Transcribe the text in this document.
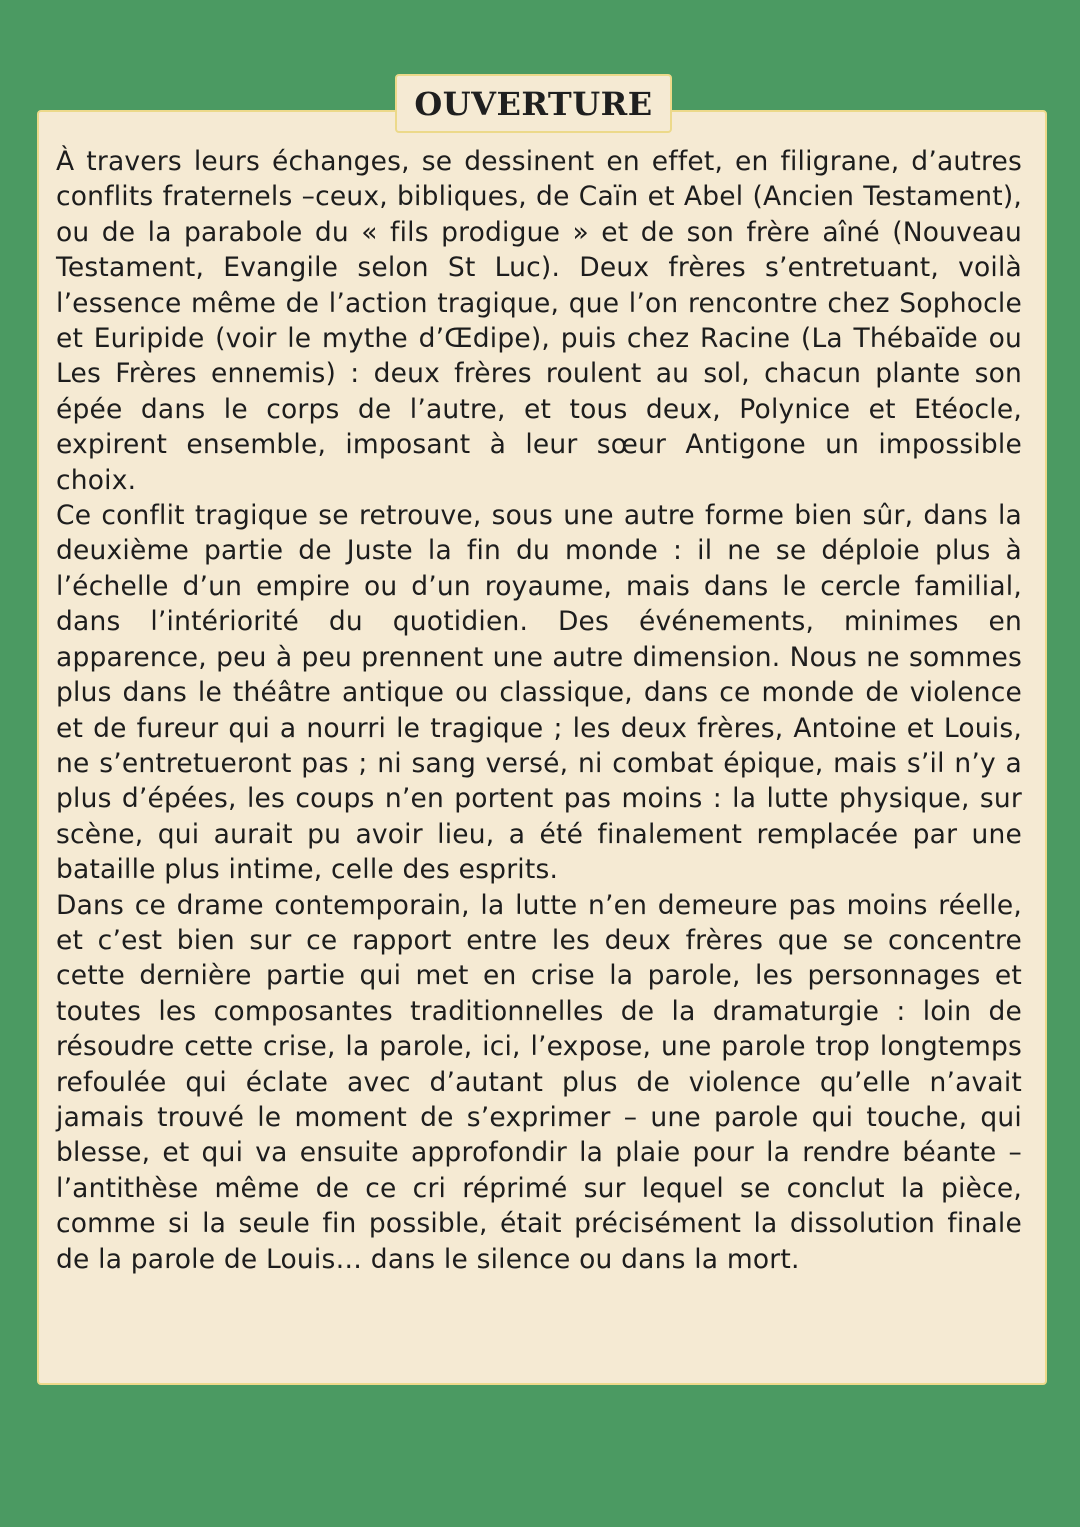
OUVERTURE

À travers leurs échanges, se dessinent en effet, en filigrane, d’autres conflits fraternels –ceux, bibliques, de Caïn et Abel (Ancien Testament), ou de la parabole du « fils prodigue » et de son frère aîné (Nouveau Testament, Evangile selon St Luc). Deux frères s’entretuant, voilà l’essence même de l’action tragique, que l’on rencontre chez Sophocle et Euripide (voir le mythe d’Œdipe), puis chez Racine (La Thébaïde ou Les Frères ennemis) : deux frères roulent au sol, chacun plante son épée dans le corps de l’autre, et tous deux, Polynice et Etéocle, expirent ensemble, imposant à leur sœur Antigone un impossible choix.

Ce conflit tragique se retrouve, sous une autre forme bien sûr, dans la deuxième partie de Juste la fin du monde : il ne se déploie plus à l’échelle d’un empire ou d’un royaume, mais dans le cercle familial, dans l’intériorité du quotidien. Des événements, minimes en apparence, peu à peu prennent une autre dimension. Nous ne sommes plus dans le théâtre antique ou classique, dans ce monde de violence et de fureur qui a nourri le tragique ; les deux frères, Antoine et Louis, ne s’entretueront pas ; ni sang versé, ni combat épique, mais s’il n’y a plus d’épées, les coups n’en portent pas moins : la lutte physique, sur scène, qui aurait pu avoir lieu, a été finalement remplacée par une bataille plus intime, celle des esprits.

Dans ce drame contemporain, la lutte n’en demeure pas moins réelle, et c’est bien sur ce rapport entre les deux frères que se concentre cette dernière partie qui met en crise la parole, les personnages et toutes les composantes traditionnelles de la dramaturgie : loin de résoudre cette crise, la parole, ici, l’expose, une parole trop longtemps refoulée qui éclate avec d’autant plus de violence qu’elle n’avait jamais trouvé le moment de s’exprimer – une parole qui touche, qui blesse, et qui va ensuite approfondir la plaie pour la rendre béante – l’antithèse même de ce cri réprimé sur lequel se conclut la pièce, comme si la seule fin possible, était précisément la dissolution finale de la parole de Louis… dans le silence ou dans la mort.
